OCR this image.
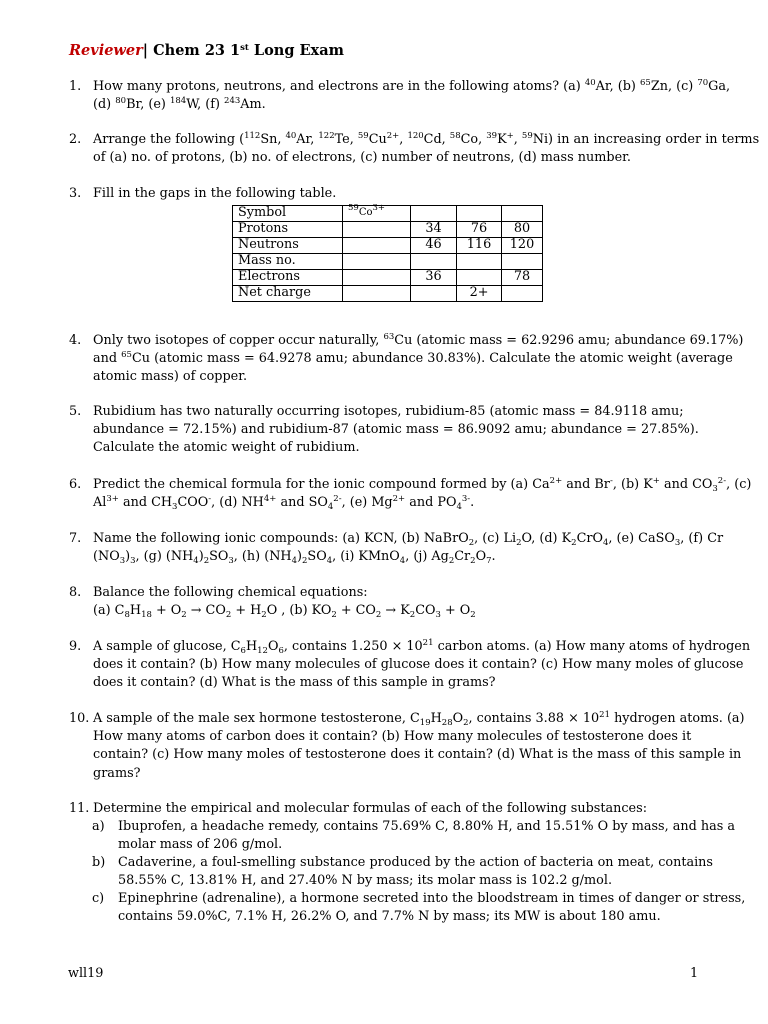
Reviewer| Chem 23 1st Long Exam
1. How many protons, neutrons, and electrons are in the following atoms? (a) $^{40}$Ar, (b) $^{65}$Zn, (c) $^{70}$Ga,
(d) $^{80}$Br, (e) $^{184}$W, (f) $^{243}$Am.
2. Arrange the following ($^{112}$Sn, $^{40}$Ar, $^{122}$Te, $^{59}Cu^{2+}$, $^{120}$Cd, $^{58}$Co, $^{39}$K+, $^{59}$Ni) in an increasing order in terms
of (a) no. of protons, (b) no. of electrons, (c) number of neutrons, (d) mass number.
3. Fill in the gaps in the following table.
Symbol	$^{59}Co^{3+}$			
Protons		34	76	80
Neutrons		46	116	120
Mass no.				
Electrons		36		78
Net charge			2+	
4. Only two isotopes of copper occur naturally, $^{63}$Cu (atomic mass = 62.9296 amu; abundance 69.17%)
and $^{65}$Cu (atomic mass = 64.9278 amu; abundance 30.83%). Calculate the atomic weight (average
atomic mass) of copper.
5. Rubidium has two naturally occurring isotopes, rubidium-85 (atomic mass = 84.9118 amu;
abundance = 72.15%) and rubidium-87 (atomic mass = 86.9092 amu; abundance = 27.85%).
Calculate the atomic weight of rubidium.
6. Predict the chemical formula for the ionic compound formed by (a) $Ca^{2+}$ and Br-, (b) K+ and $CO_3^{2-}$, (c)
$Al^{3+}$ and $CH_3COO^-$, (d) $NH^{4+}$ and $SO_4^{2-}$, (e) $Mg^{2+}$ and $PO_4^{3-}$.
7. Name the following ionic compounds: (a) KCN, (b) NaBrO$_2$, (c) $Li_2O$, (d) $K_2CrO_4$, (e) CaSO$_3$, (f) Cr
$(NO_3)_3$, (g) $(NH_4)_2SO_3$, (h) $(NH_4)_2SO_4$, (i) KMnO$_4$, (j) $Ag_2Cr_2O_7$.
8. Balance the following chemical equations:
(a) $C_8H_{18} + O_2 \to CO_2 + H_2O$ , (b) $KO_2 + CO_2 \to K_2CO_3 + O_2$
9. A sample of glucose, $C_6H_{12}O_6$, contains $1.250 \times 10^{21}$ carbon atoms. (a) How many atoms of hydrogen
does it contain? (b) How many molecules of glucose does it contain? (c) How many moles of glucose
does it contain? (d) What is the mass of this sample in grams?
10. A sample of the male sex hormone testosterone, $C_{19}H_{28}O_2$, contains $3.88 \times 10^{21}$ hydrogen atoms. (a)
How many atoms of carbon does it contain? (b) How many molecules of testosterone does it
contain? (c) How many moles of testosterone does it contain? (d) What is the mass of this sample in
grams?
11. Determine the empirical and molecular formulas of each of the following substances:
a) Ibuprofen, a headache remedy, contains 75.69% C, 8.80% H, and 15.51% O by mass, and has a
molar mass of 206 g/mol.
b) Cadaverine, a foul-smelling substance produced by the action of bacteria on meat, contains
58.55% C, 13.81% H, and 27.40% N by mass; its molar mass is 102.2 g/mol.
c) Epinephrine (adrenaline), a hormone secreted into the bloodstream in times of danger or stress,
contains 59.0%C, 7.1% H, 26.2% O, and 7.7% N by mass; its MW is about 180 amu.
wll19	1
